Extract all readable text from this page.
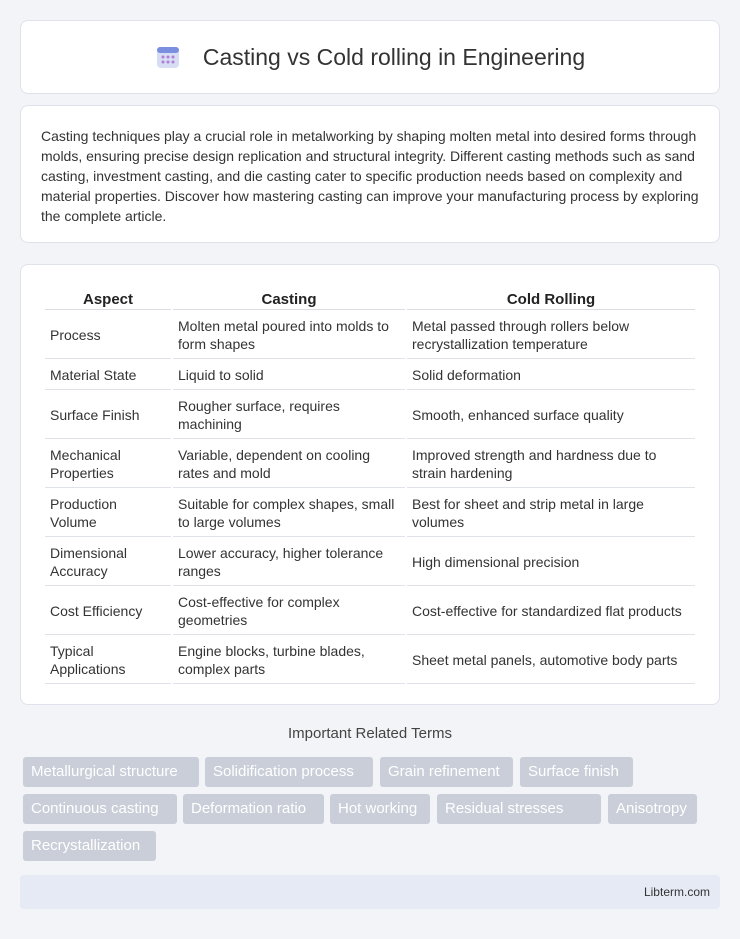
Casting vs Cold rolling in Engineering

Casting techniques play a crucial role in metalworking by shaping molten metal into desired forms through molds, ensuring precise design replication and structural integrity. Different casting methods such as sand casting, investment casting, and die casting cater to specific production needs based on complexity and material properties. Discover how mastering casting can improve your manufacturing process by exploring the complete article.

Aspect	Casting	Cold Rolling
Process	Molten metal poured into molds to form shapes	Metal passed through rollers below recrystallization temperature
Material State	Liquid to solid	Solid deformation
Surface Finish	Rougher surface, requires machining	Smooth, enhanced surface quality
Mechanical Properties	Variable, dependent on cooling rates and mold	Improved strength and hardness due to strain hardening
Production Volume	Suitable for complex shapes, small to large volumes	Best for sheet and strip metal in large volumes
Dimensional Accuracy	Lower accuracy, higher tolerance ranges	High dimensional precision
Cost Efficiency	Cost-effective for complex geometries	Cost-effective for standardized flat products
Typical Applications	Engine blocks, turbine blades, complex parts	Sheet metal panels, automotive body parts
Important Related Terms
Metallurgical structure	Solidification process	Grain refinement	Surface finish
Continuous casting	Deformation ratio	Hot working	Residual stresses	Anisotropy
Recrystallization
Libterm.com
